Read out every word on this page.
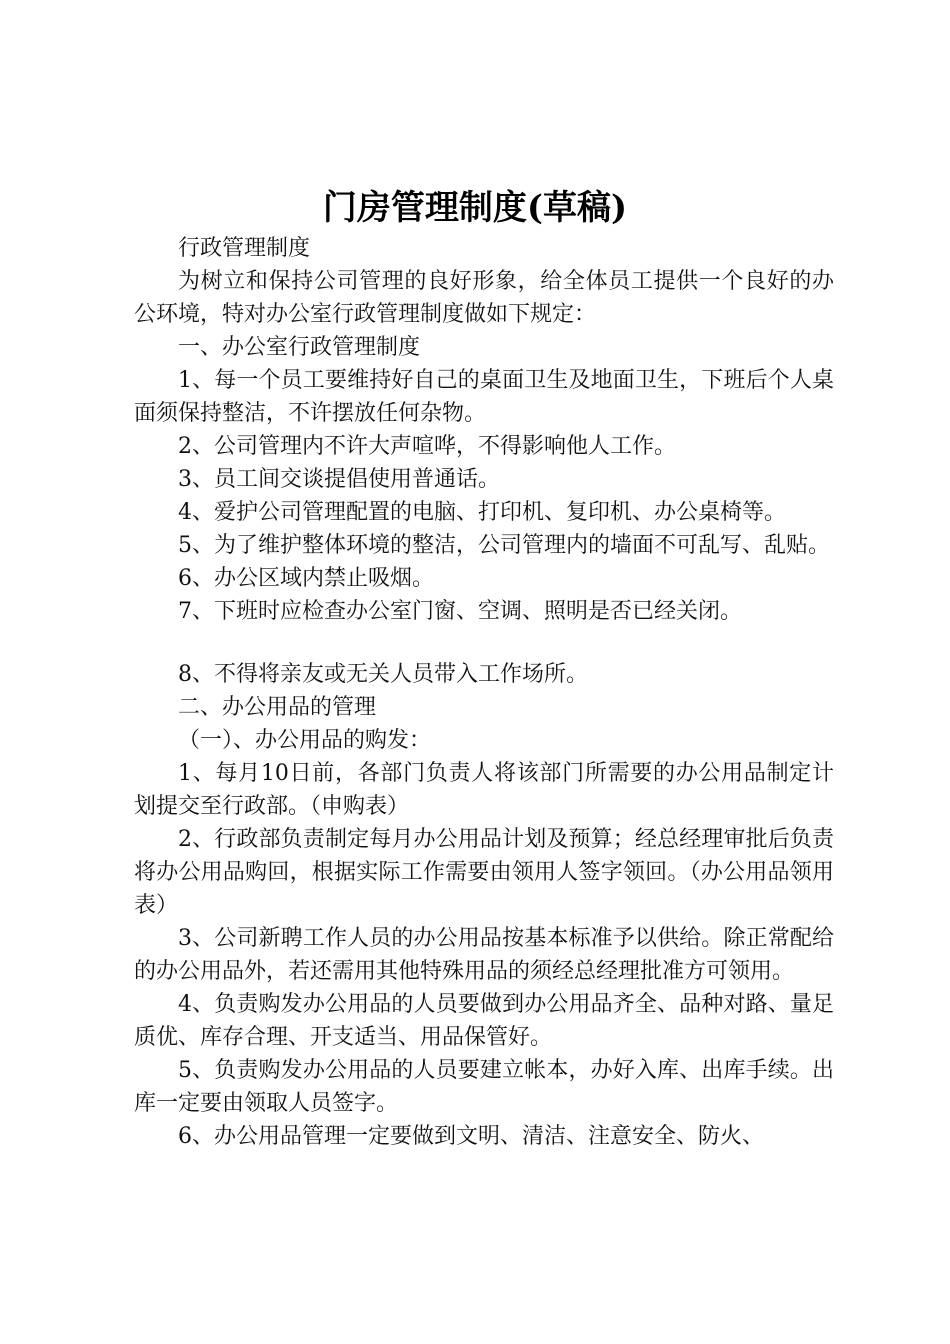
门房管理制度(草稿)

行政管理制度

为树立和保持公司管理的良好形象，给全体员工提供一个良好的办公环境，特对办公室行政管理制度做如下规定：

一、办公室行政管理制度

1、每一个员工要维持好自己的桌面卫生及地面卫生，下班后个人桌面须保持整洁，不许摆放任何杂物。

2、公司管理内不许大声喧哗，不得影响他人工作。

3、员工间交谈提倡使用普通话。

4、爱护公司管理配置的电脑、打印机、复印机、办公桌椅等。

5、为了维护整体环境的整洁，公司管理内的墙面不可乱写、乱贴。

6、办公区域内禁止吸烟。

7、下班时应检查办公室门窗、空调、照明是否已经关闭。

8、不得将亲友或无关人员带入工作场所。

二、办公用品的管理

（一）、办公用品的购发：

1、每月10日前，各部门负责人将该部门所需要的办公用品制定计划提交至行政部。（申购表）

2、行政部负责制定每月办公用品计划及预算；经总经理审批后负责将办公用品购回，根据实际工作需要由领用人签字领回。（办公用品领用表）

3、公司新聘工作人员的办公用品按基本标准予以供给。除正常配给的办公用品外，若还需用其他特殊用品的须经总经理批准方可领用。

4、负责购发办公用品的人员要做到办公用品齐全、品种对路、量足质优、库存合理、开支适当、用品保管好。

5、负责购发办公用品的人员要建立帐本，办好入库、出库手续。出库一定要由领取人员签字。

6、办公用品管理一定要做到文明、清洁、注意安全、防火、
